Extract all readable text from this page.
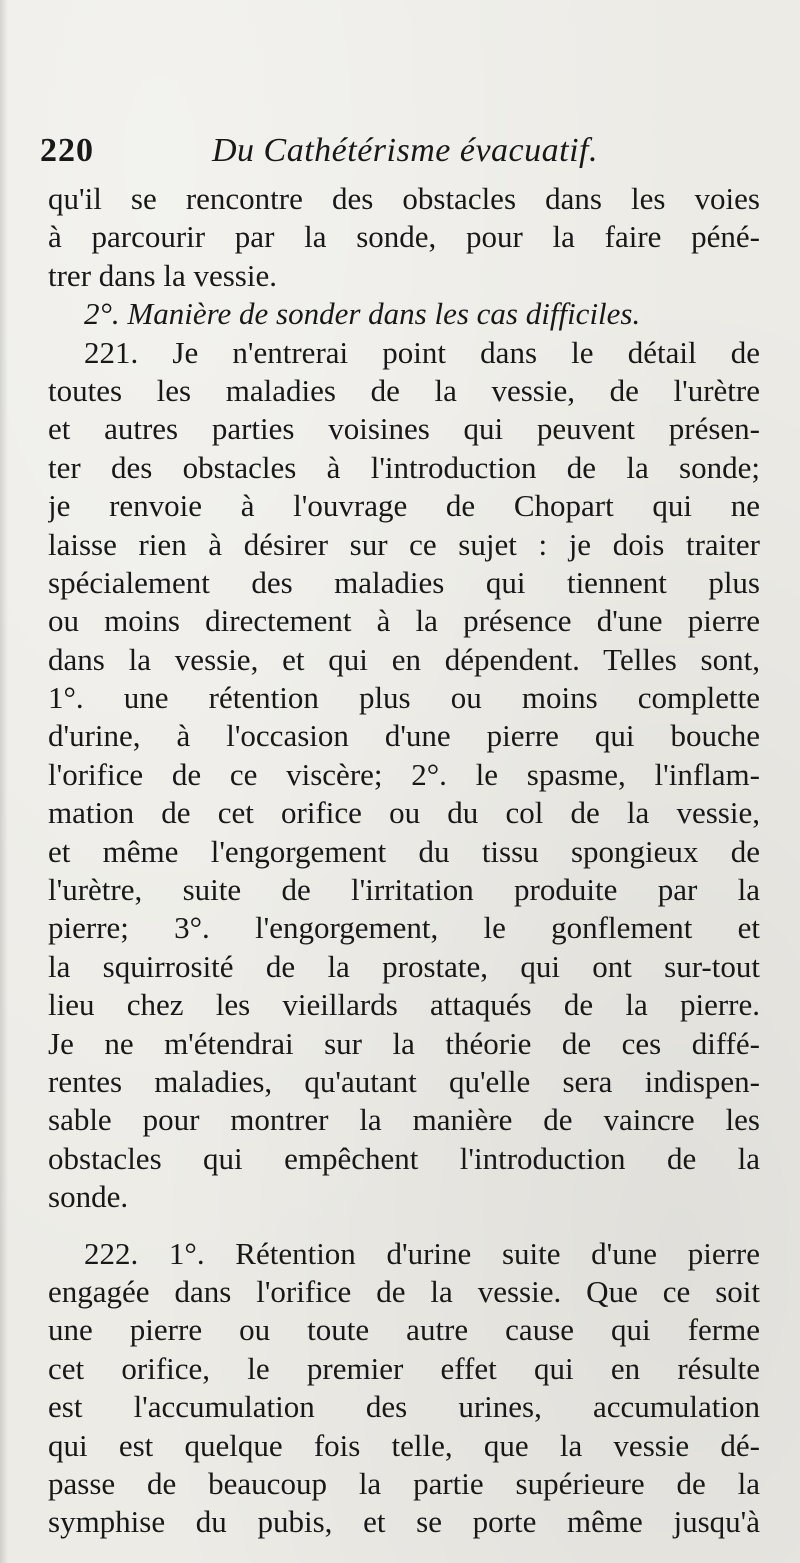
220	Du Cathétérisme évacuatif.
qu'il se rencontre des obstacles dans les voies
à parcourir par la sonde, pour la faire péné-
trer dans la vessie.
2°. Manière de sonder dans les cas difficiles.
221. Je n'entrerai point dans le détail de
toutes les maladies de la vessie, de l'urètre
et autres parties voisines qui peuvent présen-
ter des obstacles à l'introduction de la sonde;
je renvoie à l'ouvrage de Chopart qui ne
laisse rien à désirer sur ce sujet : je dois traiter
spécialement des maladies qui tiennent plus
ou moins directement à la présence d'une pierre
dans la vessie, et qui en dépendent. Telles sont,
1°. une rétention plus ou moins complette
d'urine, à l'occasion d'une pierre qui bouche
l'orifice de ce viscère; 2°. le spasme, l'inflam-
mation de cet orifice ou du col de la vessie,
et même l'engorgement du tissu spongieux de
l'urètre, suite de l'irritation produite par la
pierre; 3°. l'engorgement, le gonflement et
la squirrosité de la prostate, qui ont sur-tout
lieu chez les vieillards attaqués de la pierre.
Je ne m'étendrai sur la théorie de ces diffé-
rentes maladies, qu'autant qu'elle sera indispen-
sable pour montrer la manière de vaincre les
obstacles qui empêchent l'introduction de la
sonde.
222. 1°. Rétention d'urine suite d'une pierre
engagée dans l'orifice de la vessie. Que ce soit
une pierre ou toute autre cause qui ferme
cet orifice, le premier effet qui en résulte
est l'accumulation des urines, accumulation
qui est quelque fois telle, que la vessie dé-
passe de beaucoup la partie supérieure de la
symphise du pubis, et se porte même jusqu'à
